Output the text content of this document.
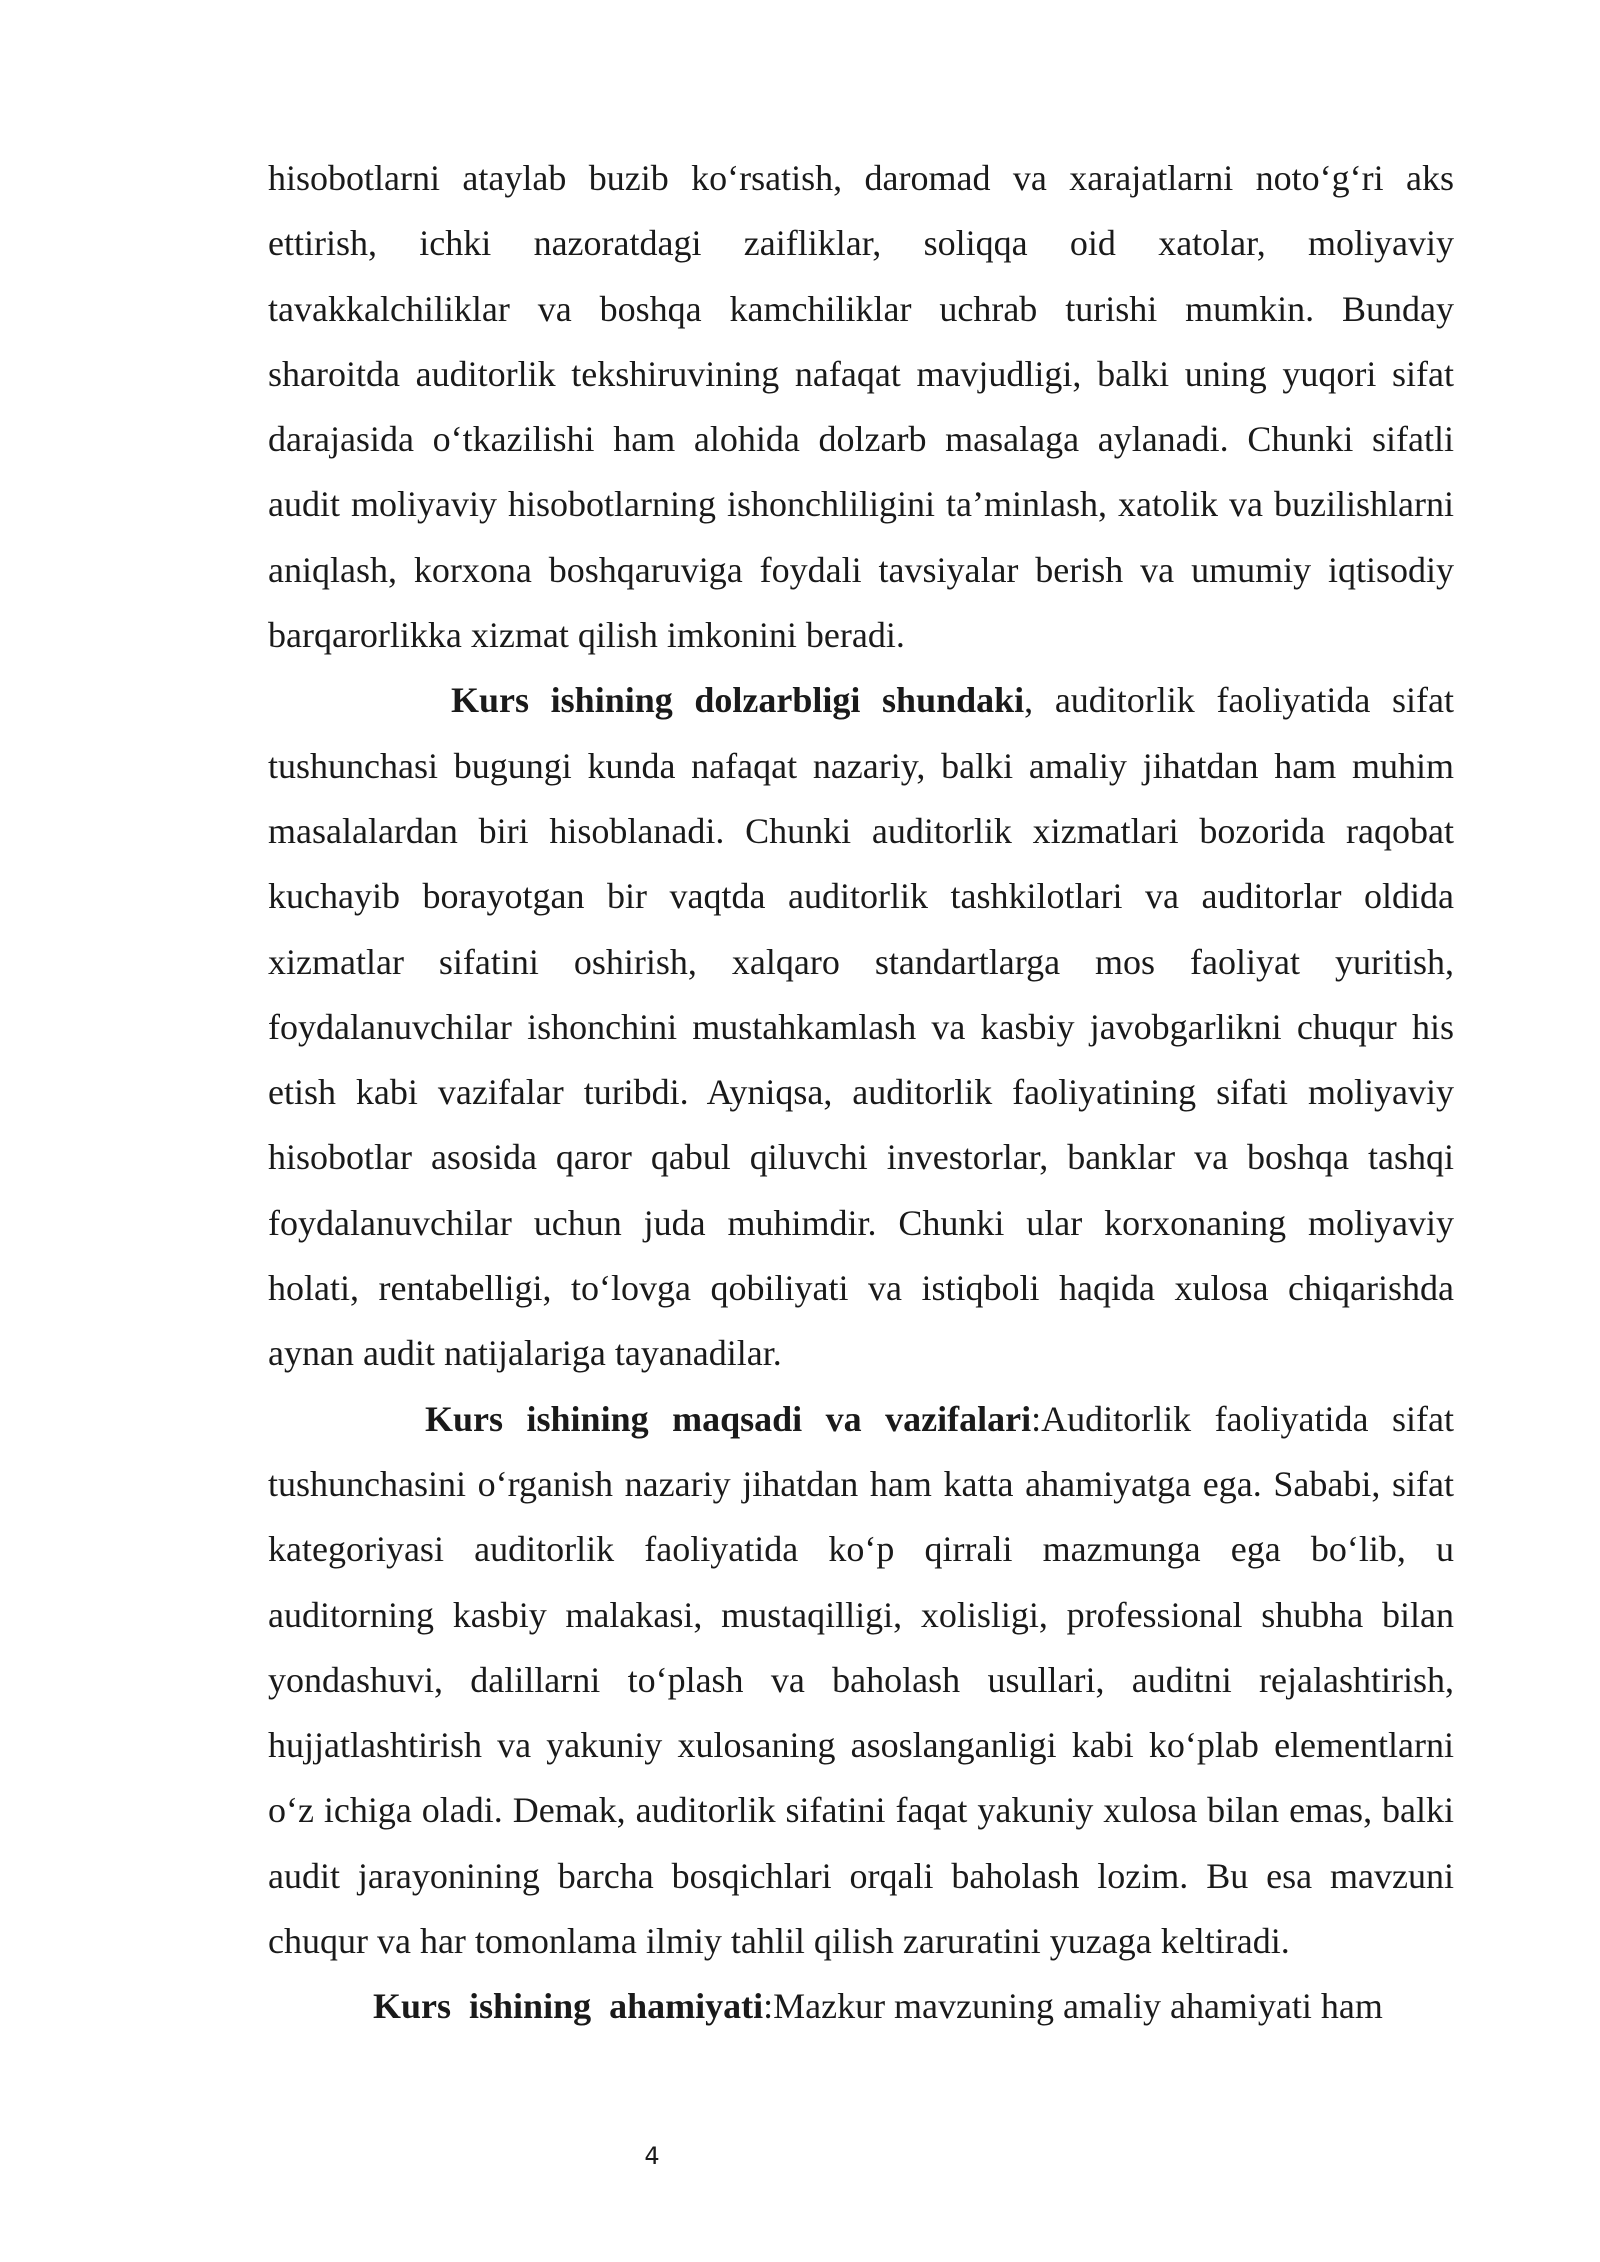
hisobotlarni ataylab buzib ko‘rsatish, daromad va xarajatlarni noto‘g‘ri aks ettirish, ichki nazoratdagi zaifliklar, soliqqa oid xatolar, moliyaviy tavakkalchiliklar va boshqa kamchiliklar uchrab turishi mumkin. Bunday sharoitda auditorlik tekshiruvining nafaqat mavjudligi, balki uning yuqori sifat darajasida o‘tkazilishi ham alohida dolzarb masalaga aylanadi. Chunki sifatli audit moliyaviy hisobotlarning ishonchliligini ta’minlash, xatolik va buzilishlarni aniqlash, korxona boshqaruviga foydali tavsiyalar berish va umumiy iqtisodiy barqarorlikka xizmat qilish imkonini beradi.

Kurs ishining dolzarbligi shundaki, auditorlik faoliyatida sifat tushunchasi bugungi kunda nafaqat nazariy, balki amaliy jihatdan ham muhim masalalardan biri hisoblanadi. Chunki auditorlik xizmatlari bozorida raqobat kuchayib borayotgan bir vaqtda auditorlik tashkilotlari va auditorlar oldida xizmatlar sifatini oshirish, xalqaro standartlarga mos faoliyat yuritish, foydalanuvchilar ishonchini mustahkamlash va kasbiy javobgarlikni chuqur his etish kabi vazifalar turibdi. Ayniqsa, auditorlik faoliyatining sifati moliyaviy hisobotlar asosida qaror qabul qiluvchi investorlar, banklar va boshqa tashqi foydalanuvchilar uchun juda muhimdir. Chunki ular korxonaning moliyaviy holati, rentabelligi, to‘lovga qobiliyati va istiqboli haqida xulosa chiqarishda aynan audit natijalariga tayanadilar.

Kurs ishining maqsadi va vazifalari:Auditorlik faoliyatida sifat tushunchasini o‘rganish nazariy jihatdan ham katta ahamiyatga ega. Sababi, sifat kategoriyasi auditorlik faoliyatida ko‘p qirrali mazmunga ega bo‘lib, u auditorning kasbiy malakasi, mustaqilligi, xolisligi, professional shubha bilan yondashuvi, dalillarni to‘plash va baholash usullari, auditni rejalashtirish, hujjatlashtirish va yakuniy xulosaning asoslanganligi kabi ko‘plab elementlarni o‘z ichiga oladi. Demak, auditorlik sifatini faqat yakuniy xulosa bilan emas, balki audit jarayonining barcha bosqichlari orqali baholash lozim. Bu esa mavzuni chuqur va har tomonlama ilmiy tahlil qilish zaruratini yuzaga keltiradi.

Kurs  ishining  ahamiyati:Mazkur mavzuning amaliy ahamiyati ham

4
